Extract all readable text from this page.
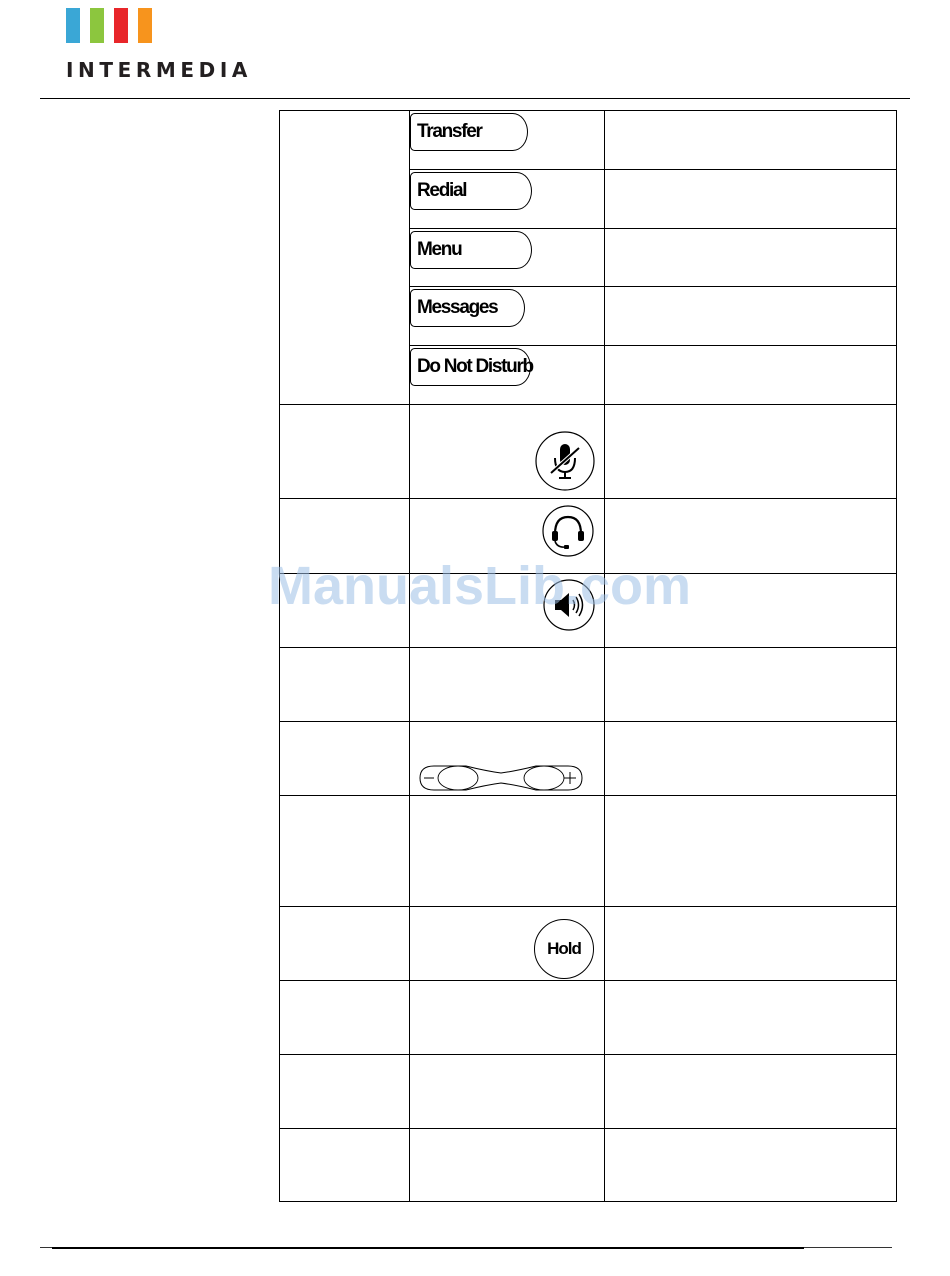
INTERMEDIA
Transfer
Redial
Menu
Messages
Do Not Disturb
Hold
ManualsLib.com
